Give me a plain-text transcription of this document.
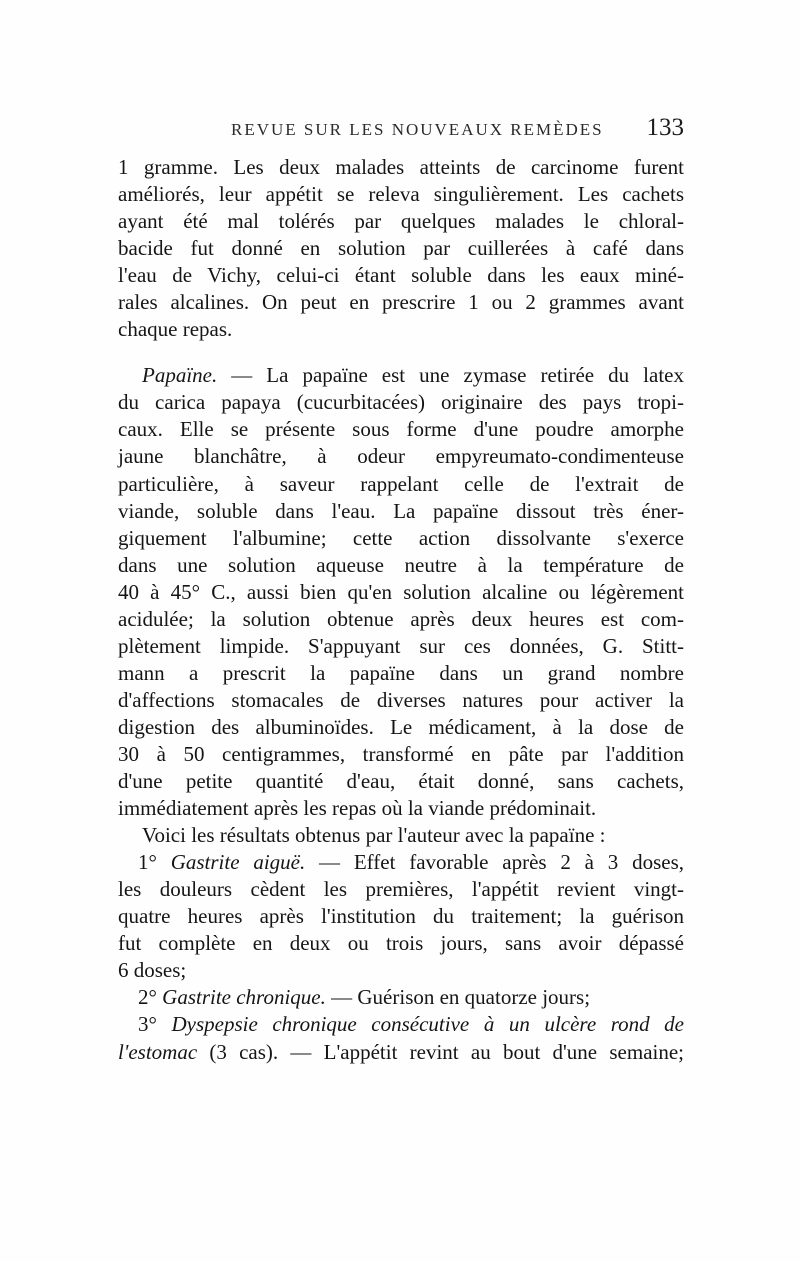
REVUE SUR LES NOUVEAUX REMÈDES 133
1 gramme. Les deux malades atteints de carcinome furent
améliorés, leur appétit se releva singulièrement. Les cachets
ayant été mal tolérés par quelques malades le chloral-
bacide fut donné en solution par cuillerées à café dans
l'eau de Vichy, celui-ci étant soluble dans les eaux miné-
rales alcalines. On peut en prescrire 1 ou 2 grammes avant
chaque repas.
Papaïne. — La papaïne est une zymase retirée du latex
du carica papaya (cucurbitacées) originaire des pays tropi-
caux. Elle se présente sous forme d'une poudre amorphe
jaune blanchâtre, à odeur empyreumato-condimenteuse
particulière, à saveur rappelant celle de l'extrait de
viande, soluble dans l'eau. La papaïne dissout très éner-
giquement l'albumine; cette action dissolvante s'exerce
dans une solution aqueuse neutre à la température de
40 à 45° C., aussi bien qu'en solution alcaline ou légèrement
acidulée; la solution obtenue après deux heures est com-
plètement limpide. S'appuyant sur ces données, G. Stitt-
mann a prescrit la papaïne dans un grand nombre
d'affections stomacales de diverses natures pour activer la
digestion des albuminoïdes. Le médicament, à la dose de
30 à 50 centigrammes, transformé en pâte par l'addition
d'une petite quantité d'eau, était donné, sans cachets,
immédiatement après les repas où la viande prédominait.
Voici les résultats obtenus par l'auteur avec la papaïne :
1° Gastrite aiguë. — Effet favorable après 2 à 3 doses,
les douleurs cèdent les premières, l'appétit revient vingt-
quatre heures après l'institution du traitement; la guérison
fut complète en deux ou trois jours, sans avoir dépassé
6 doses;
2° Gastrite chronique. — Guérison en quatorze jours;
3° Dyspepsie chronique consécutive à un ulcère rond de
l'estomac (3 cas). — L'appétit revint au bout d'une semaine;
